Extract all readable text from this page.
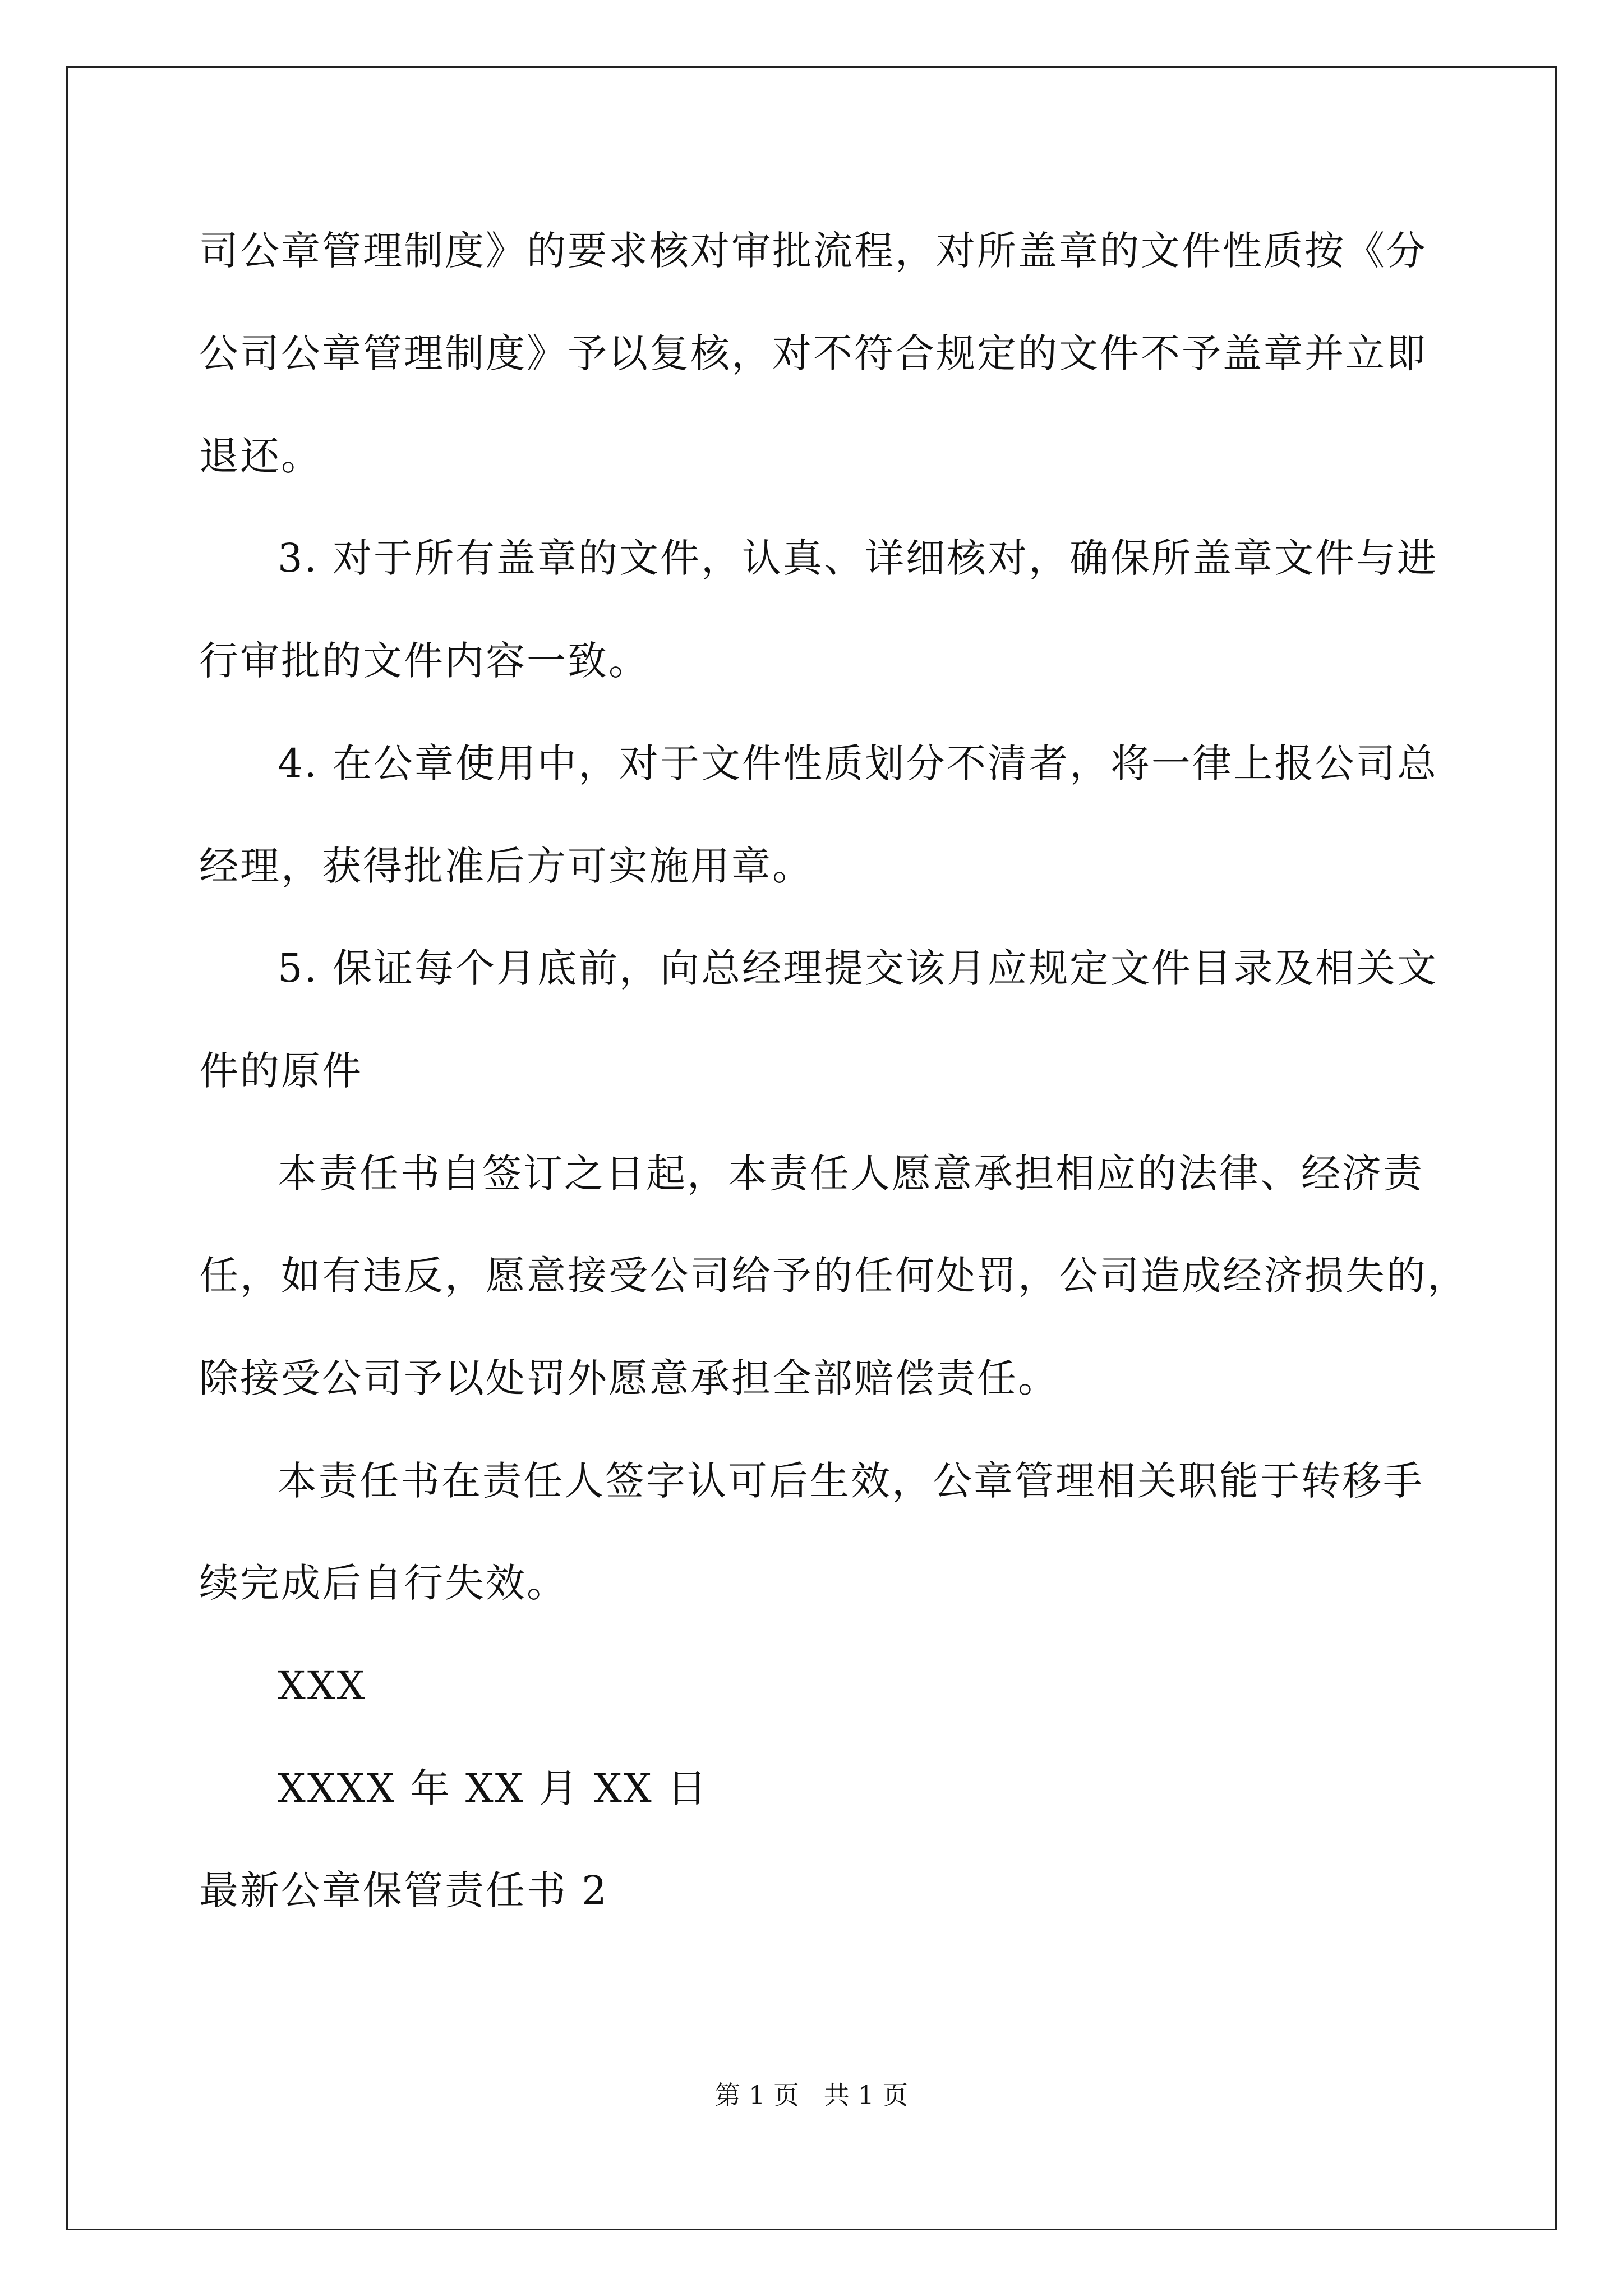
司公章管理制度》的要求核对审批流程，对所盖章的文件性质按《分
公司公章管理制度》予以复核，对不符合规定的文件不予盖章并立即
退还。
3. 对于所有盖章的文件，认真、详细核对，确保所盖章文件与进
行审批的文件内容一致。
4. 在公章使用中，对于文件性质划分不清者，将一律上报公司总
经理，获得批准后方可实施用章。
5. 保证每个月底前，向总经理提交该月应规定文件目录及相关文
件的原件
本责任书自签订之日起，本责任人愿意承担相应的法律、经济责
任，如有违反，愿意接受公司给予的任何处罚，公司造成经济损失的，
除接受公司予以处罚外愿意承担全部赔偿责任。
本责任书在责任人签字认可后生效，公章管理相关职能于转移手
续完成后自行失效。
XXX
XXXX 年 XX 月 XX 日
最新公章保管责任书 2
第 1 页   共 1 页
